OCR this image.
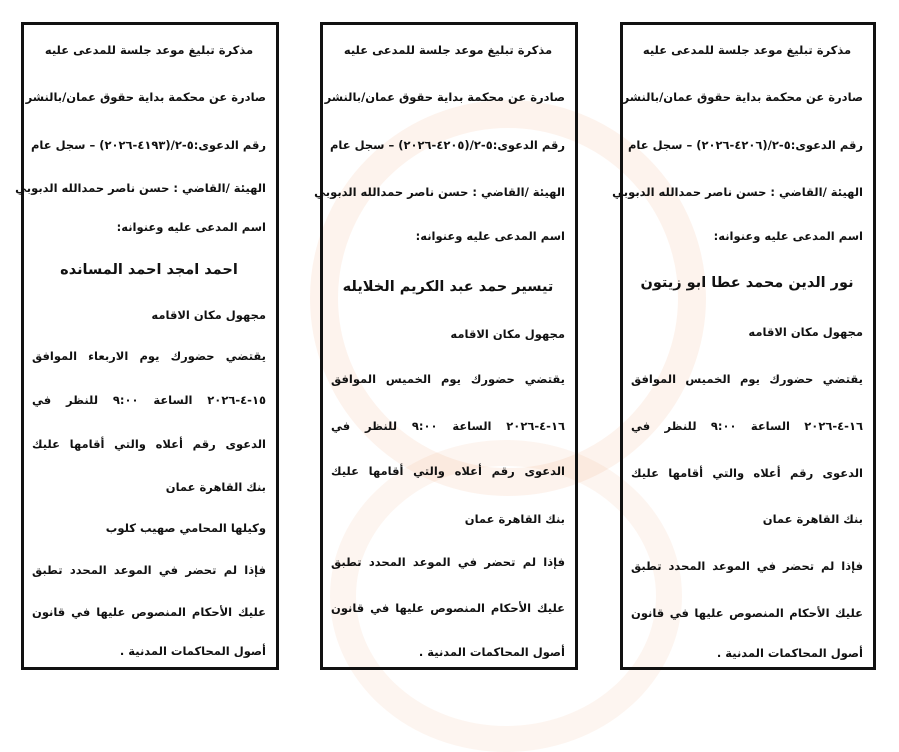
مذكرة تبليغ موعد جلسة للمدعى عليه
صادرة عن محكمة بداية حقوق عمان/بالنشر
رقم الدعوى:٥-٢/(٤٢٠٦-٢٠٢٦) – سجل عام
الهيئة /القاضي : حسن ناصر حمدالله الدبوبي
اسم المدعى عليه وعنوانه:
نور الدين محمد عطا ابو زيتون
مجهول مكان الاقامه
يقتضي حضورك يوم الخميس الموافق
١٦-٤-٢٠٢٦ الساعة ٩:٠٠ للنظر في
الدعوى رقم أعلاه والتي أقامها عليك
بنك القاهرة عمان
فإذا لم تحضر في الموعد المحدد تطبق
عليك الأحكام المنصوص عليها في قانون
أصول المحاكمات المدنية .
مذكرة تبليغ موعد جلسة للمدعى عليه
صادرة عن محكمة بداية حقوق عمان/بالنشر
رقم الدعوى:٥-٢/(٤٢٠٥-٢٠٢٦) – سجل عام
الهيئة /القاضي : حسن ناصر حمدالله الدبوبي
اسم المدعى عليه وعنوانه:
تيسير حمد عبد الكريم الخلايله
مجهول مكان الاقامه
يقتضي حضورك يوم الخميس الموافق
١٦-٤-٢٠٢٦ الساعة ٩:٠٠ للنظر في
الدعوى رقم أعلاه والتي أقامها عليك
بنك القاهرة عمان
فإذا لم تحضر في الموعد المحدد تطبق
عليك الأحكام المنصوص عليها في قانون
أصول المحاكمات المدنية .
مذكرة تبليغ موعد جلسة للمدعى عليه
صادرة عن محكمة بداية حقوق عمان/بالنشر
رقم الدعوى:٥-٢/(٤١٩٣-٢٠٢٦) – سجل عام
الهيئة /القاضي : حسن ناصر حمدالله الدبوبي
اسم المدعى عليه وعنوانه:
احمد امجد احمد المسانده
مجهول مكان الاقامه
يقتضي حضورك يوم الاربعاء الموافق
١٥-٤-٢٠٢٦ الساعة ٩:٠٠ للنظر في
الدعوى رقم أعلاه والتي أقامها عليك
بنك القاهرة عمان
وكيلها المحامي صهيب كلوب
فإذا لم تحضر في الموعد المحدد تطبق
عليك الأحكام المنصوص عليها في قانون
أصول المحاكمات المدنية .
